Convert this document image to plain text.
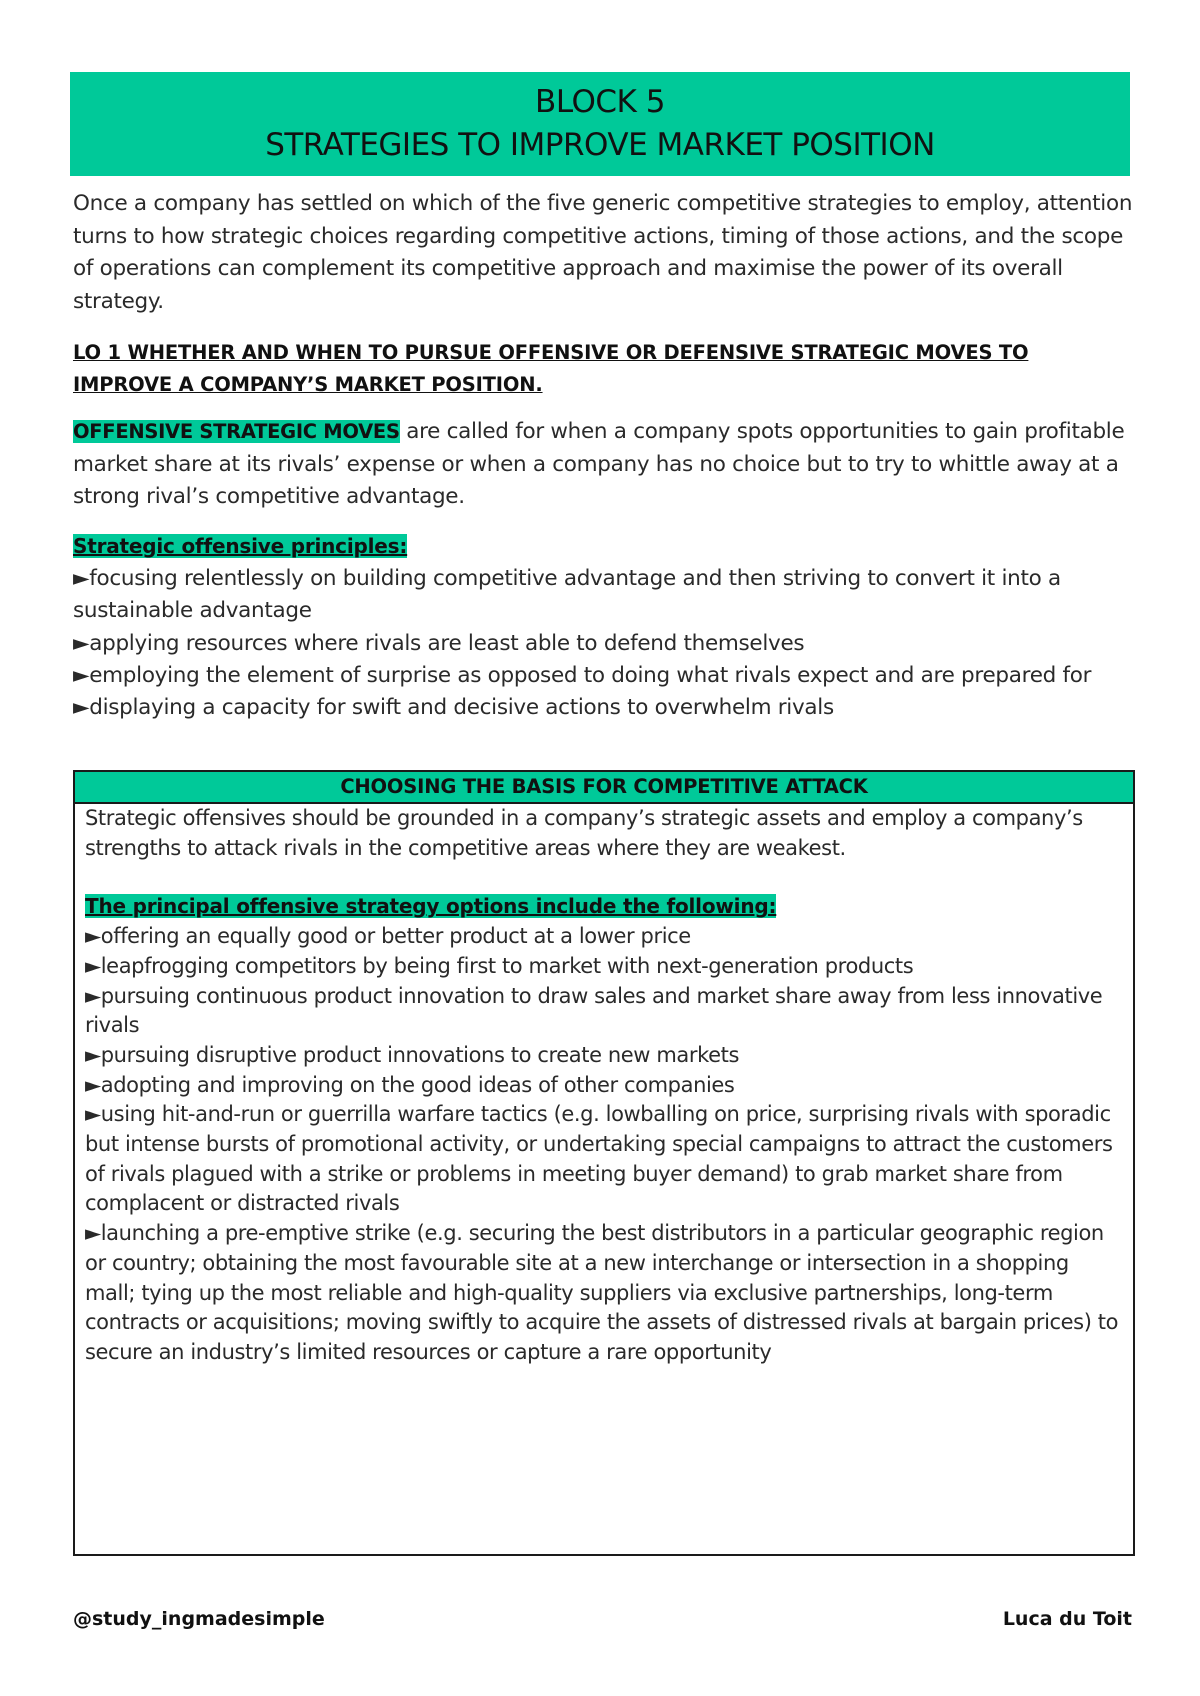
BLOCK 5
STRATEGIES TO IMPROVE MARKET POSITION
Once a company has settled on which of the five generic competitive strategies to employ, attention turns to how strategic choices regarding competitive actions, timing of those actions, and the scope of operations can complement its competitive approach and maximise the power of its overall strategy.
LO 1 WHETHER AND WHEN TO PURSUE OFFENSIVE OR DEFENSIVE STRATEGIC MOVES TO IMPROVE A COMPANY’S MARKET POSITION.
OFFENSIVE STRATEGIC MOVES are called for when a company spots opportunities to gain profitable market share at its rivals’ expense or when a company has no choice but to try to whittle away at a strong rival’s competitive advantage.
Strategic offensive principles:
►focusing relentlessly on building competitive advantage and then striving to convert it into a sustainable advantage
►applying resources where rivals are least able to defend themselves
►employing the element of surprise as opposed to doing what rivals expect and are prepared for
►displaying a capacity for swift and decisive actions to overwhelm rivals
CHOOSING THE BASIS FOR COMPETITIVE ATTACK

Strategic offensives should be grounded in a company’s strategic assets and employ a company’s strengths to attack rivals in the competitive areas where they are weakest.

The principal offensive strategy options include the following:
►offering an equally good or better product at a lower price
►leapfrogging competitors by being first to market with next-generation products
►pursuing continuous product innovation to draw sales and market share away from less innovative rivals
►pursuing disruptive product innovations to create new markets
►adopting and improving on the good ideas of other companies
►using hit-and-run or guerrilla warfare tactics (e.g. lowballing on price, surprising rivals with sporadic but intense bursts of promotional activity, or undertaking special campaigns to attract the customers of rivals plagued with a strike or problems in meeting buyer demand) to grab market share from complacent or distracted rivals
►launching a pre-emptive strike (e.g. securing the best distributors in a particular geographic region or country; obtaining the most favourable site at a new interchange or intersection in a shopping mall; tying up the most reliable and high-quality suppliers via exclusive partnerships, long-term contracts or acquisitions; moving swiftly to acquire the assets of distressed rivals at bargain prices) to secure an industry’s limited resources or capture a rare opportunity
@study_ingmadesimple	Luca du Toit
